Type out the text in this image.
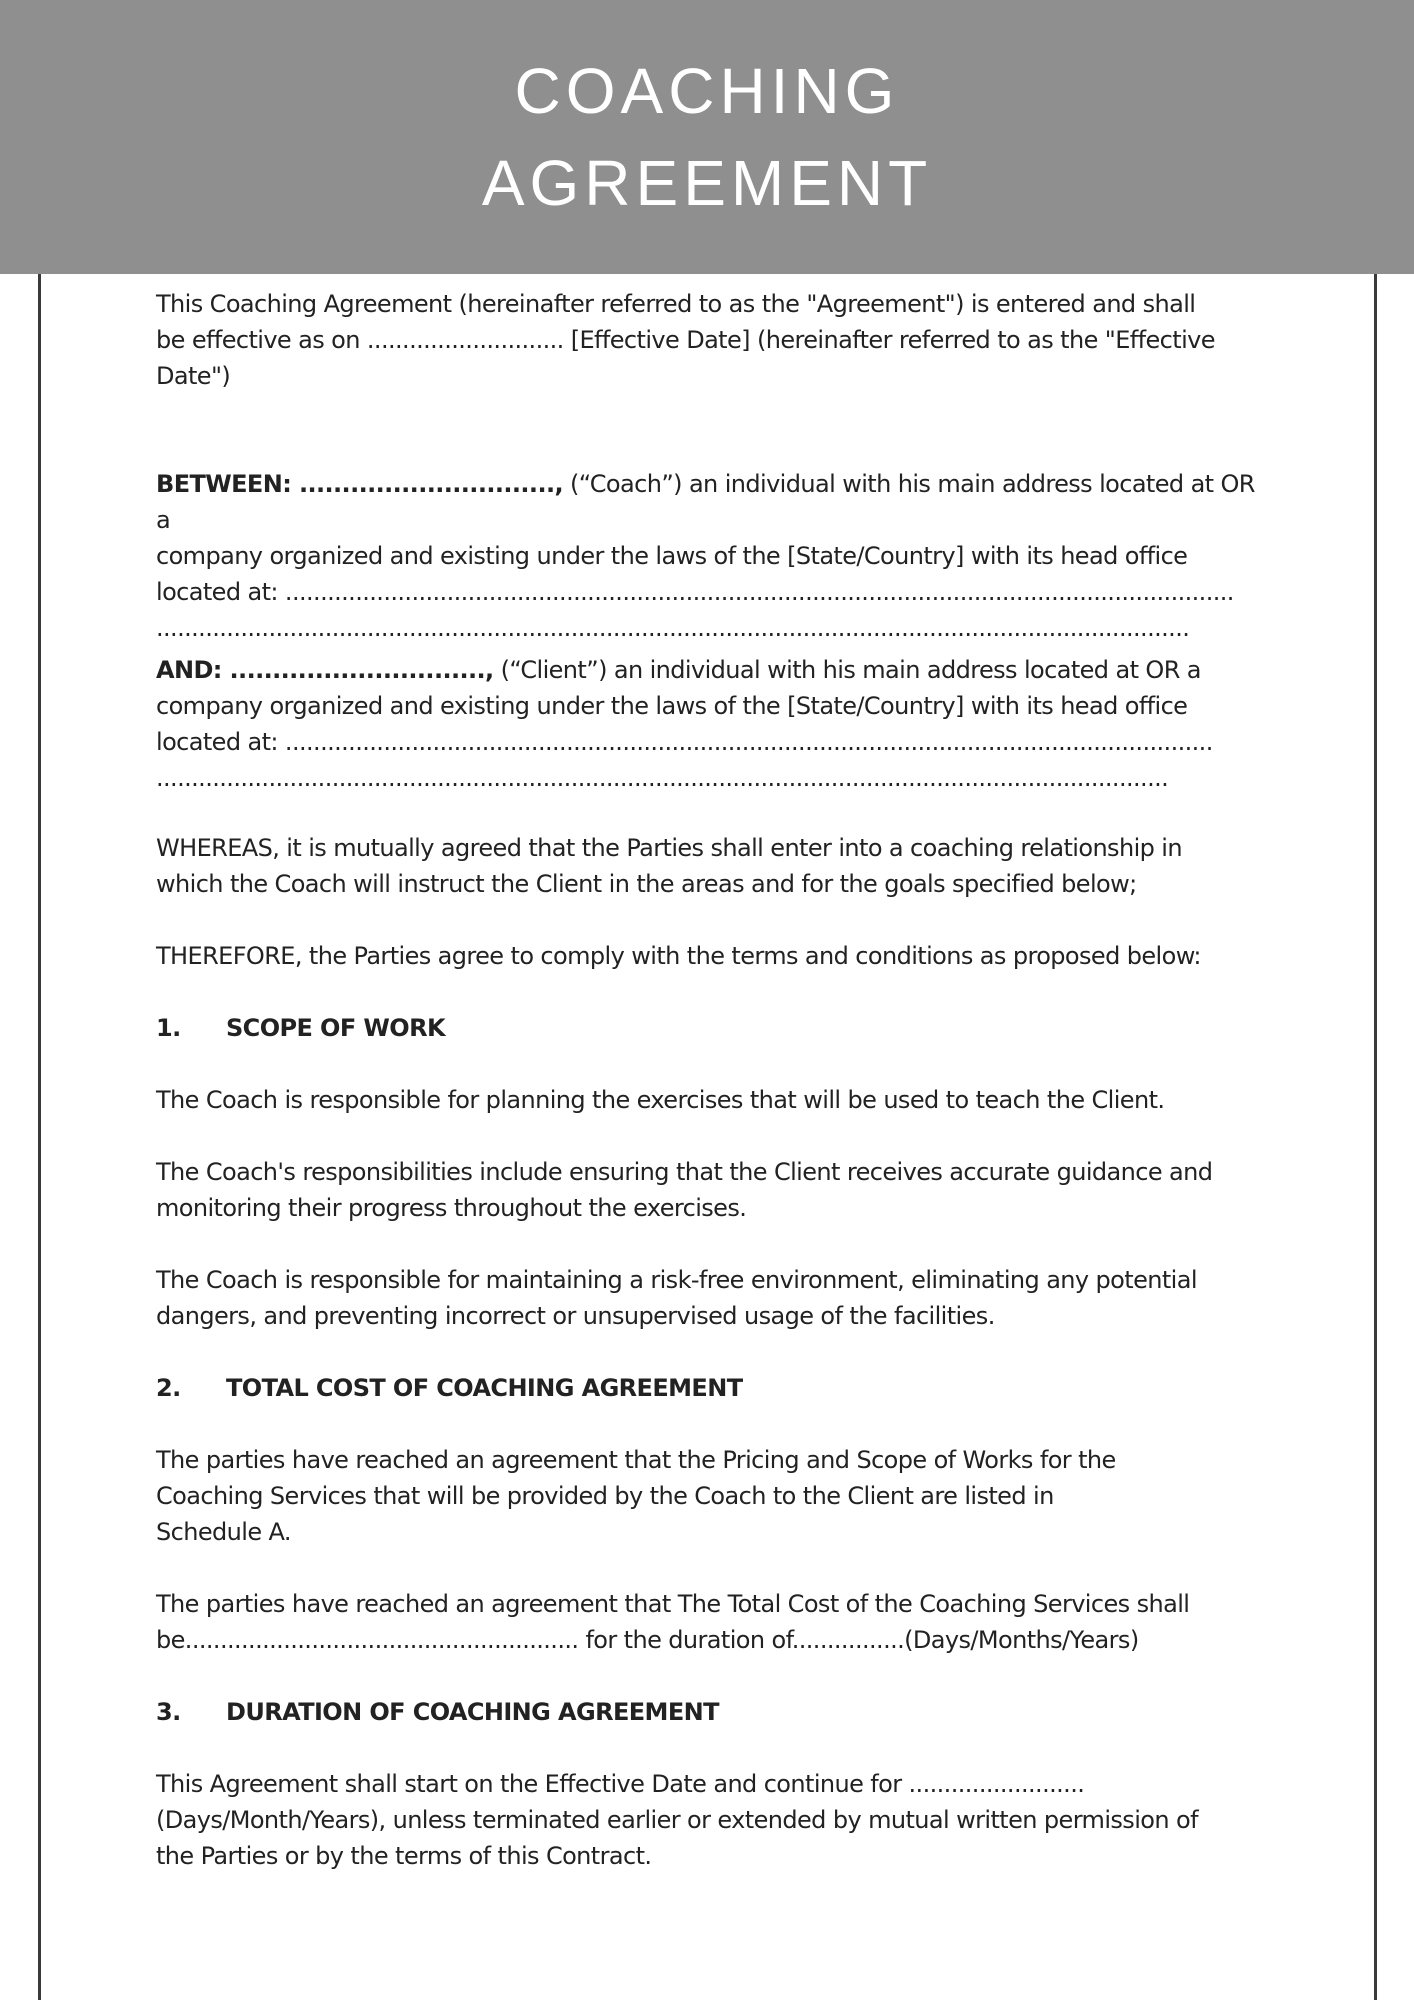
COACHING
AGREEMENT
This Coaching Agreement (hereinafter referred to as the "Agreement") is entered and shall
be effective as on ............................ [Effective Date] (hereinafter referred to as the "Effective
Date")
BETWEEN: .............................., (“Coach”) an individual with his main address located at OR a
company organized and existing under the laws of the [State/Country] with its head office
located at: .......................................................................................................................................
...................................................................................................................................................
AND: .............................., (“Client”) an individual with his main address located at OR a
company organized and existing under the laws of the [State/Country] with its head office
located at: ....................................................................................................................................
................................................................................................................................................
WHEREAS, it is mutually agreed that the Parties shall enter into a coaching relationship in
which the Coach will instruct the Client in the areas and for the goals specified below;
THEREFORE, the Parties agree to comply with the terms and conditions as proposed below:
1. SCOPE OF WORK
The Coach is responsible for planning the exercises that will be used to teach the Client.
The Coach's responsibilities include ensuring that the Client receives accurate guidance and
monitoring their progress throughout the exercises.
The Coach is responsible for maintaining a risk-free environment, eliminating any potential
dangers, and preventing incorrect or unsupervised usage of the facilities.
2. TOTAL COST OF COACHING AGREEMENT
The parties have reached an agreement that the Pricing and Scope of Works for the
Coaching Services that will be provided by the Coach to the Client are listed in
Schedule A.
The parties have reached an agreement that The Total Cost of the Coaching Services shall
be........................................................ for the duration of................(Days/Months/Years)
3. DURATION OF COACHING AGREEMENT
This Agreement shall start on the Effective Date and continue for .........................
(Days/Month/Years), unless terminated earlier or extended by mutual written permission of
the Parties or by the terms of this Contract.
